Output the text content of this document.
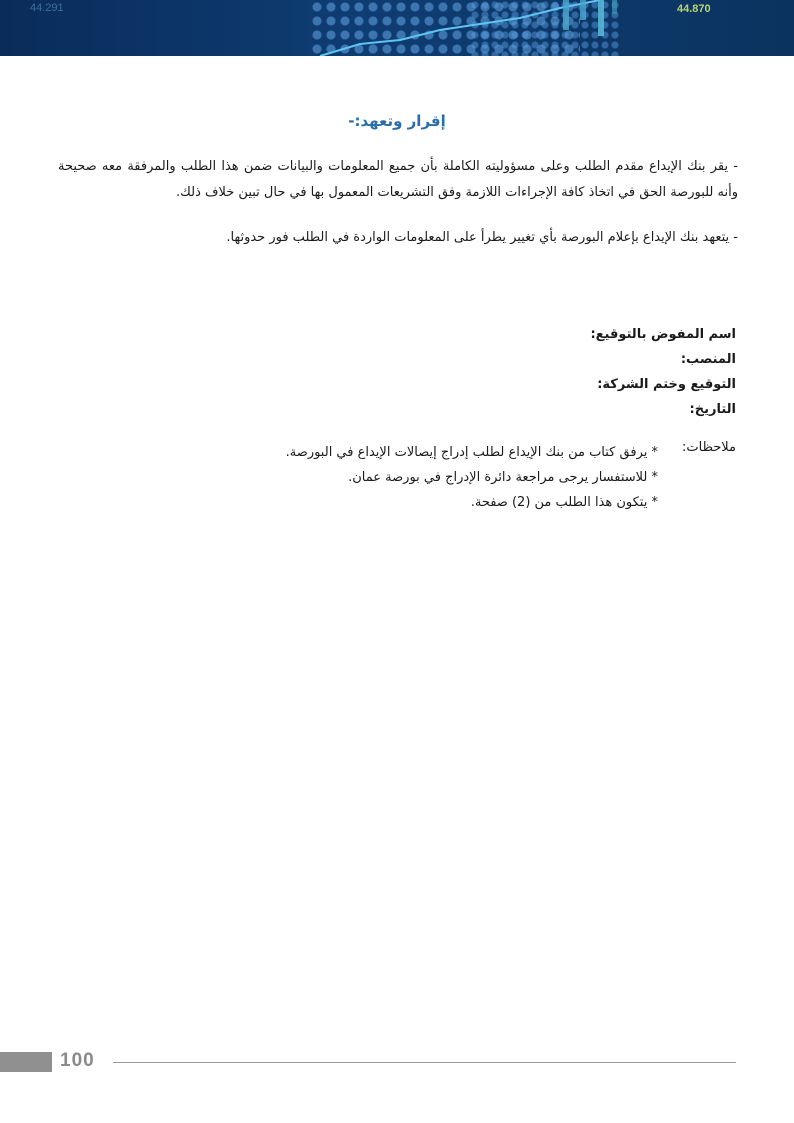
44.291	44.870
إقرار وتعهد:-
- يقر بنك الإيداع مقدم الطلب وعلى مسؤوليته الكاملة بأن جميع المعلومات والبيانات ضمن هذا الطلب والمرفقة معه صحيحة وأنه للبورصة الحق في اتخاذ كافة الإجراءات اللازمة وفق التشريعات المعمول بها في حال تبين خلاف ذلك.
- يتعهد بنك الإيداع بإعلام البورصة بأي تغيير يطرأ على المعلومات الواردة في الطلب فور حدوثها.
اسم المفوض بالتوقيع:
المنصب:
التوقيع وختم الشركة:
التاريخ:
ملاحظات:
* يرفق كتاب من بنك الإيداع لطلب إدراج إيصالات الإيداع في البورصة.
* للاستفسار يرجى مراجعة دائرة الإدراج في بورصة عمان.
* يتكون هذا الطلب من (2) صفحة.
100
